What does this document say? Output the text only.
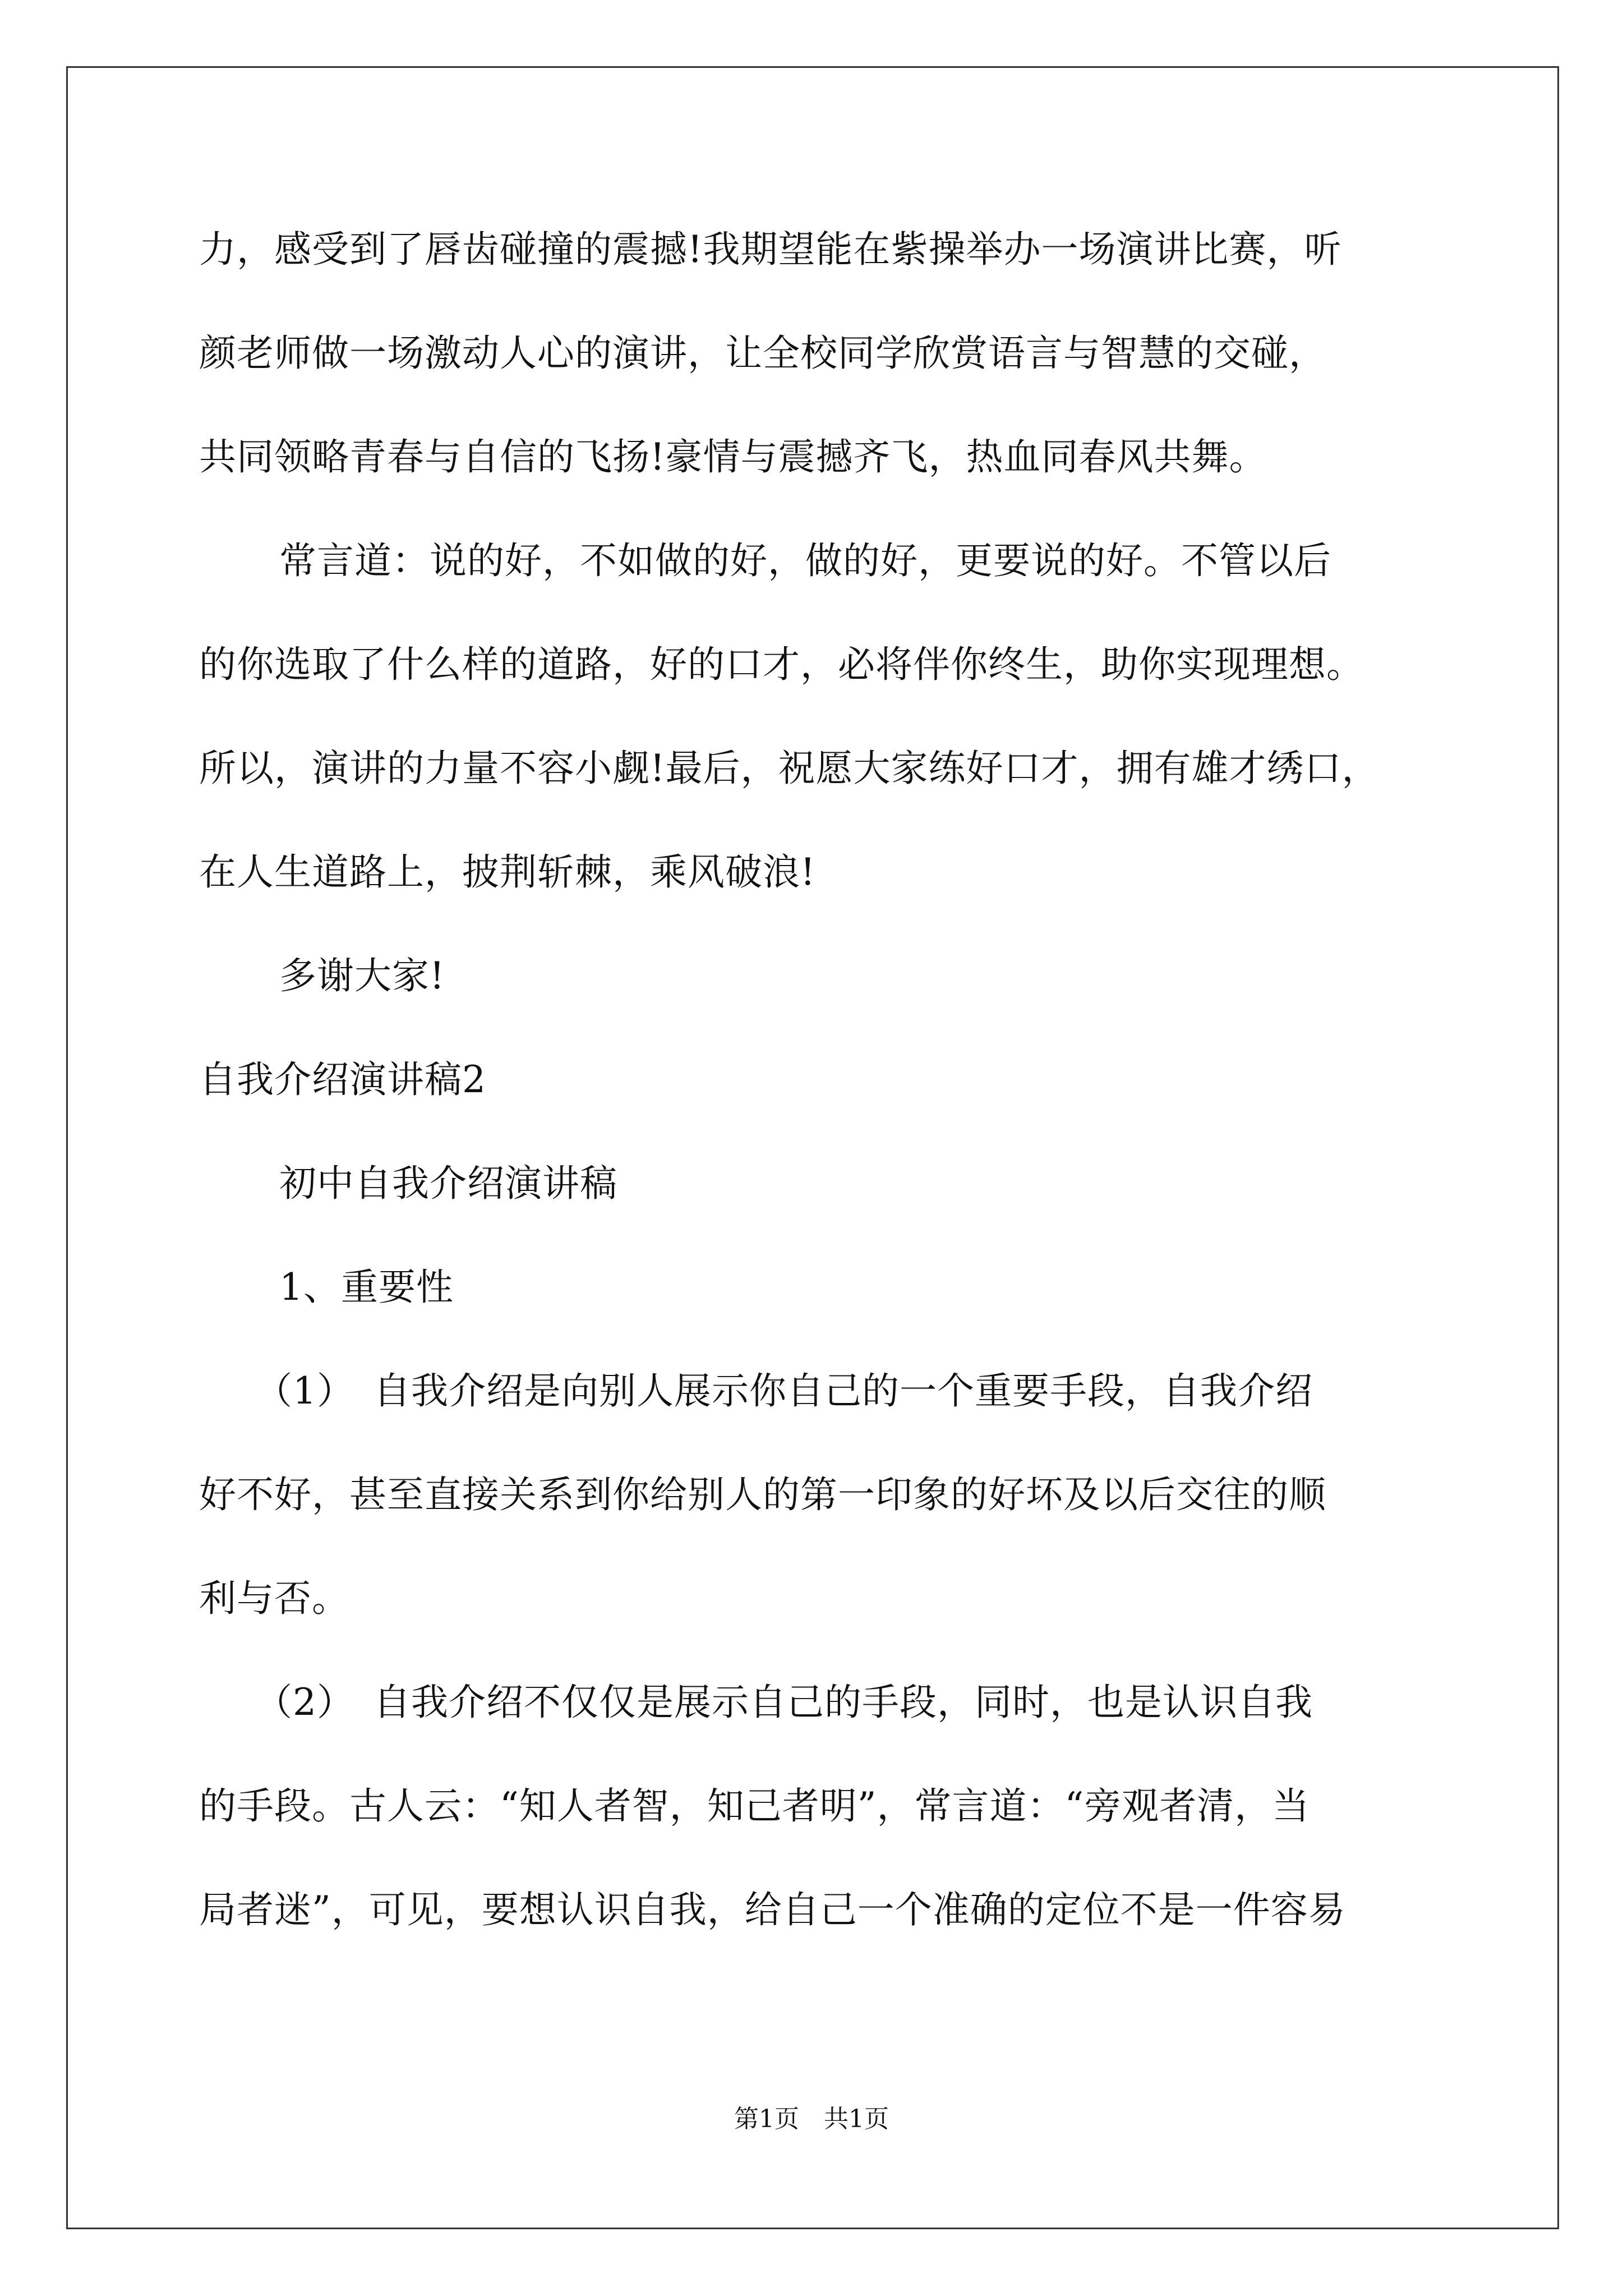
力，感受到了唇齿碰撞的震撼!我期望能在紫操举办一场演讲比赛，听
颜老师做一场激动人心的演讲，让全校同学欣赏语言与智慧的交碰，
共同领略青春与自信的飞扬!豪情与震撼齐飞，热血同春风共舞。
常言道：说的好，不如做的好，做的好，更要说的好。不管以后
的你选取了什么样的道路，好的口才，必将伴你终生，助你实现理想。
所以，演讲的力量不容小觑!最后，祝愿大家练好口才，拥有雄才绣口，
在人生道路上，披荆斩棘，乘风破浪!
多谢大家!
自我介绍演讲稿2
初中自我介绍演讲稿
1、重要性
（1）　自我介绍是向别人展示你自己的一个重要手段，自我介绍
好不好，甚至直接关系到你给别人的第一印象的好坏及以后交往的顺
利与否。
（2）　自我介绍不仅仅是展示自己的手段，同时，也是认识自我
的手段。古人云：“知人者智，知己者明”，常言道：“旁观者清，当
局者迷”，可见，要想认识自我，给自己一个准确的定位不是一件容易
第1页　共1页
